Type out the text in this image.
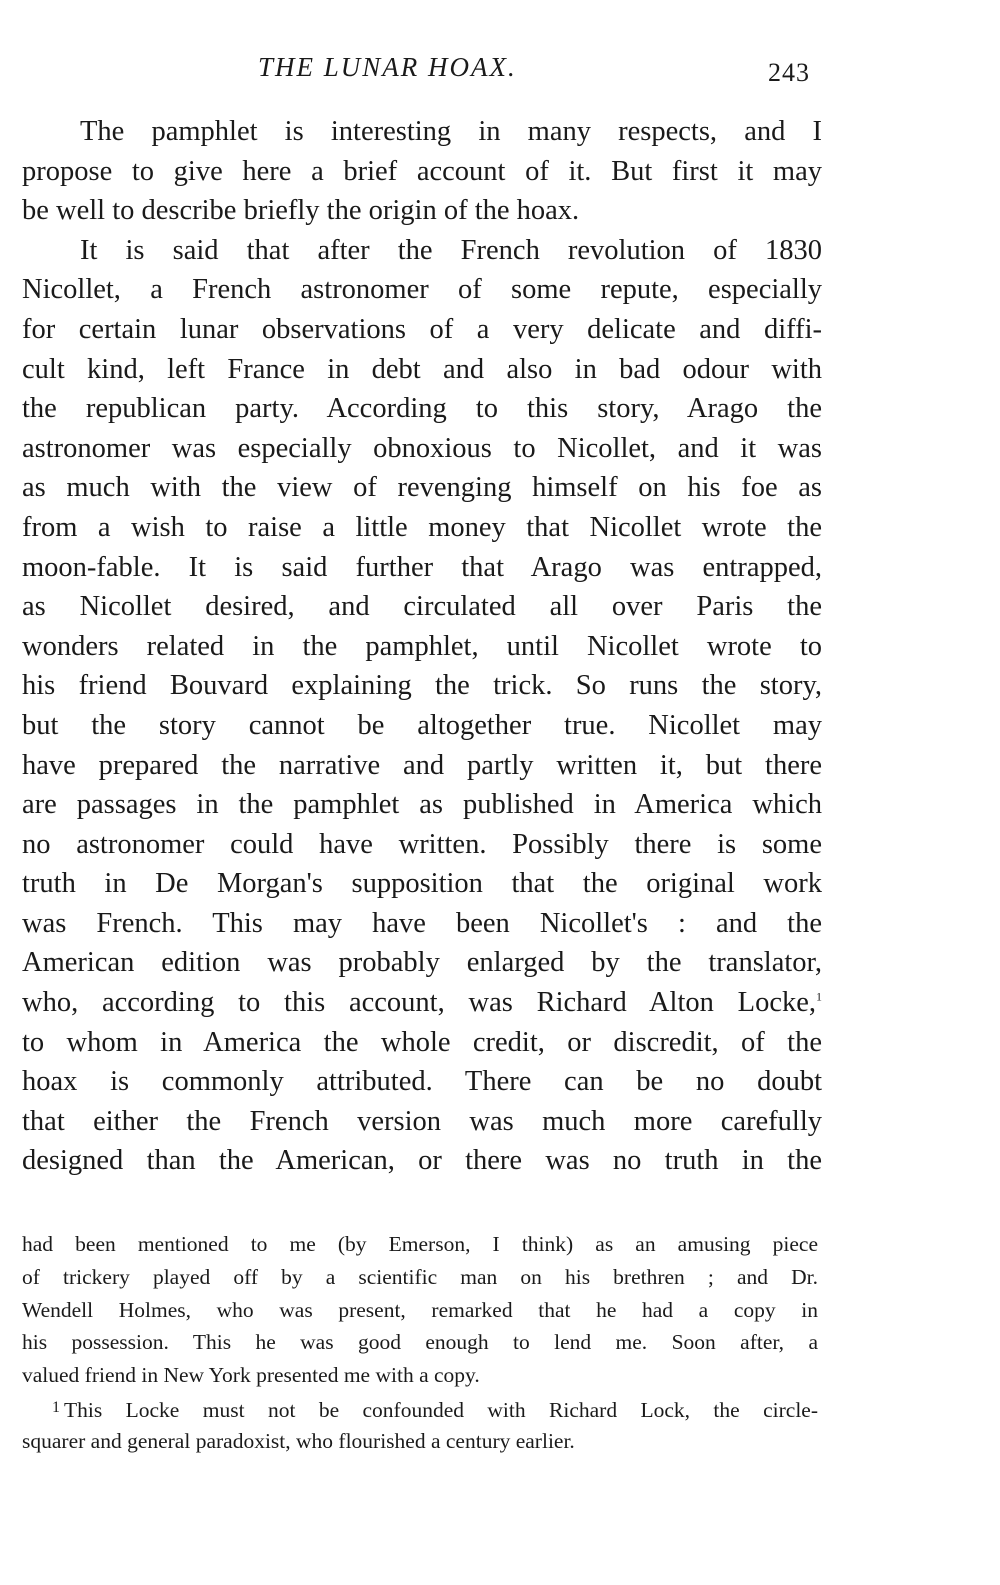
THE LUNAR HOAX.	243
The pamphlet is interesting in many respects, and I
propose to give here a brief account of it. But first it may
be well to describe briefly the origin of the hoax.
It is said that after the French revolution of 1830
Nicollet, a French astronomer of some repute, especially
for certain lunar observations of a very delicate and diffi-
cult kind, left France in debt and also in bad odour with
the republican party. According to this story, Arago the
astronomer was especially obnoxious to Nicollet, and it was
as much with the view of revenging himself on his foe as
from a wish to raise a little money that Nicollet wrote the
moon-fable. It is said further that Arago was entrapped,
as Nicollet desired, and circulated all over Paris the
wonders related in the pamphlet, until Nicollet wrote to
his friend Bouvard explaining the trick. So runs the story,
but the story cannot be altogether true. Nicollet may
have prepared the narrative and partly written it, but there
are passages in the pamphlet as published in America which
no astronomer could have written. Possibly there is some
truth in De Morgan's supposition that the original work
was French. This may have been Nicollet's : and the
American edition was probably enlarged by the translator,
who, according to this account, was Richard Alton Locke,$^1$
to whom in America the whole credit, or discredit, of the
hoax is commonly attributed. There can be no doubt
that either the French version was much more carefully
designed than the American, or there was no truth in the
had been mentioned to me (by Emerson, I think) as an amusing piece
of trickery played off by a scientific man on his brethren ; and Dr.
Wendell Holmes, who was present, remarked that he had a copy in
his possession. This he was good enough to lend me. Soon after, a
valued friend in New York presented me with a copy.
$^1$ This Locke must not be confounded with Richard Lock, the circle-
squarer and general paradoxist, who flourished a century earlier.
